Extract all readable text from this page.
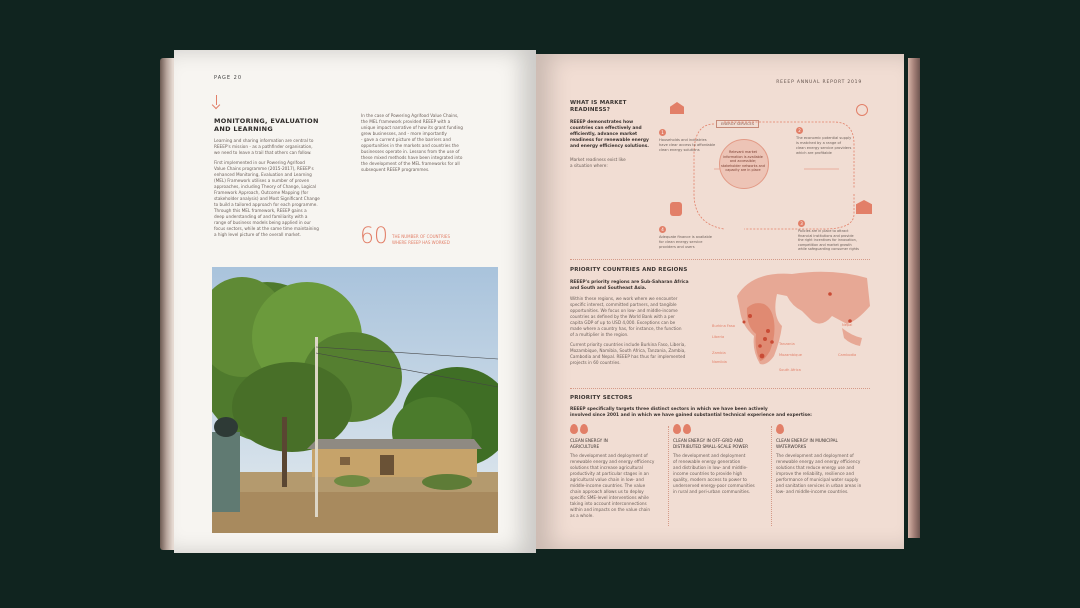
PAGE 20

MONITORING, EVALUATION AND LEARNING

Learning and sharing information are central to
REEEP's mission - as a pathfinder organisation,
we need to leave a trail that others can follow.
First implemented in our Powering Agrifood
Value Chains programme (2015-2017), REEEP's
enhanced Monitoring, Evaluation and Learning
(MEL) Framework utilises a number of proven
approaches, including Theory of Change, Logical
Framework Approach, Outcome Mapping (for
stakeholder analysis) and Most Significant Change
to build a tailored approach for each programme.
Through this MEL framework, REEEP gains a
deep understanding of and familiarity with a
range of business models being applied in our
focus sectors, while at the same time maintaining
a high level picture of the overall market.
In the case of Powering Agrifood Value Chains,
the MEL framework provided REEEP with a
unique impact narrative of how its grant funding
grew businesses, and - more importantly
- gave a current picture of the barriers and
opportunities in the markets and countries the
businesses operate in. Lessons from the use of
these mixed methods have been integrated into
the development of the MEL frameworks for all
subsequent REEEP programmes.

60 THE NUMBER OF COUNTRIES
WHERE REEEP HAS WORKED

REEEP ANNUAL REPORT 2019

WHAT IS MARKET
READINESS?
REEEP demonstrates how
countries can effectively and
efficiently, advance market
readiness for renewable energy
and energy efficiency solutions.
Market readiness exist like
a situation where:
1
Households and industries
have clear access to affordable
clean energy solutions
2
The economic potential supply
is matched by a range of
clean energy service providers
which are profitable
ENERGY SERVICES
Relevant market
information is available
and accessible;
stakeholder networks and
capacity are in place
3
Policies are in place to attract
financial institutions and provide
the right incentives for innovation,
competition and market growth
while safeguarding consumer rights
4
Adequate finance is available
for clean energy service
providers and users

PRIORITY COUNTRIES AND REGIONS

REEEP's priority regions are Sub-Saharan Africa
and South and Southeast Asia.
Within these regions, we work where we encounter
specific interest, committed partners, and tangible
opportunities. We focus on low- and middle-income
countries as defined by the World Bank with a per
capita GDP of up to USD 4,000. Exceptions can be
made where a country has, for instance, the function
of a multiplier in the region.
Current priority countries include Burkina Faso, Liberia,
Mozambique, Namibia, South Africa, Tanzania, Zambia,
Cambodia and Nepal. REEEP has thus far implemented
projects in 60 countries.

Burkina Faso

Liberia

Zambia

Namibia

Tanzania

Mozambique	Cambodia

South Africa

Nepal

PRIORITY SECTORS

REEEP specifically targets three distinct sectors in which we have been actively
involved since 2001 and in which we have gained substantial technical experience and expertise:
CLEAN ENERGY IN
AGRICULTURE
The development and deployment of
renewable energy and energy efficiency
solutions that increase agricultural
productivity at particular stages in an
agricultural value chain in low- and
middle-income countries. The value
chain approach allows us to deploy
specific SME-level interventions while
taking into account interconnections
within and impacts on the value chain
as a whole.
CLEAN ENERGY IN OFF-GRID AND
DISTRIBUTED SMALL-SCALE POWER
The development and deployment
of renewable energy generation
and distribution in low- and middle-
income countries to provide high
quality, modern access to power to
underserved energy-poor communities
in rural and peri-urban communities.
CLEAN ENERGY IN MUNICIPAL
WATERWORKS
The development and deployment of
renewable energy and energy efficiency
solutions that reduce energy use and
improve the reliability, resilience and
performance of municipal water supply
and sanitation services in urban areas in
low- and middle-income countries.
